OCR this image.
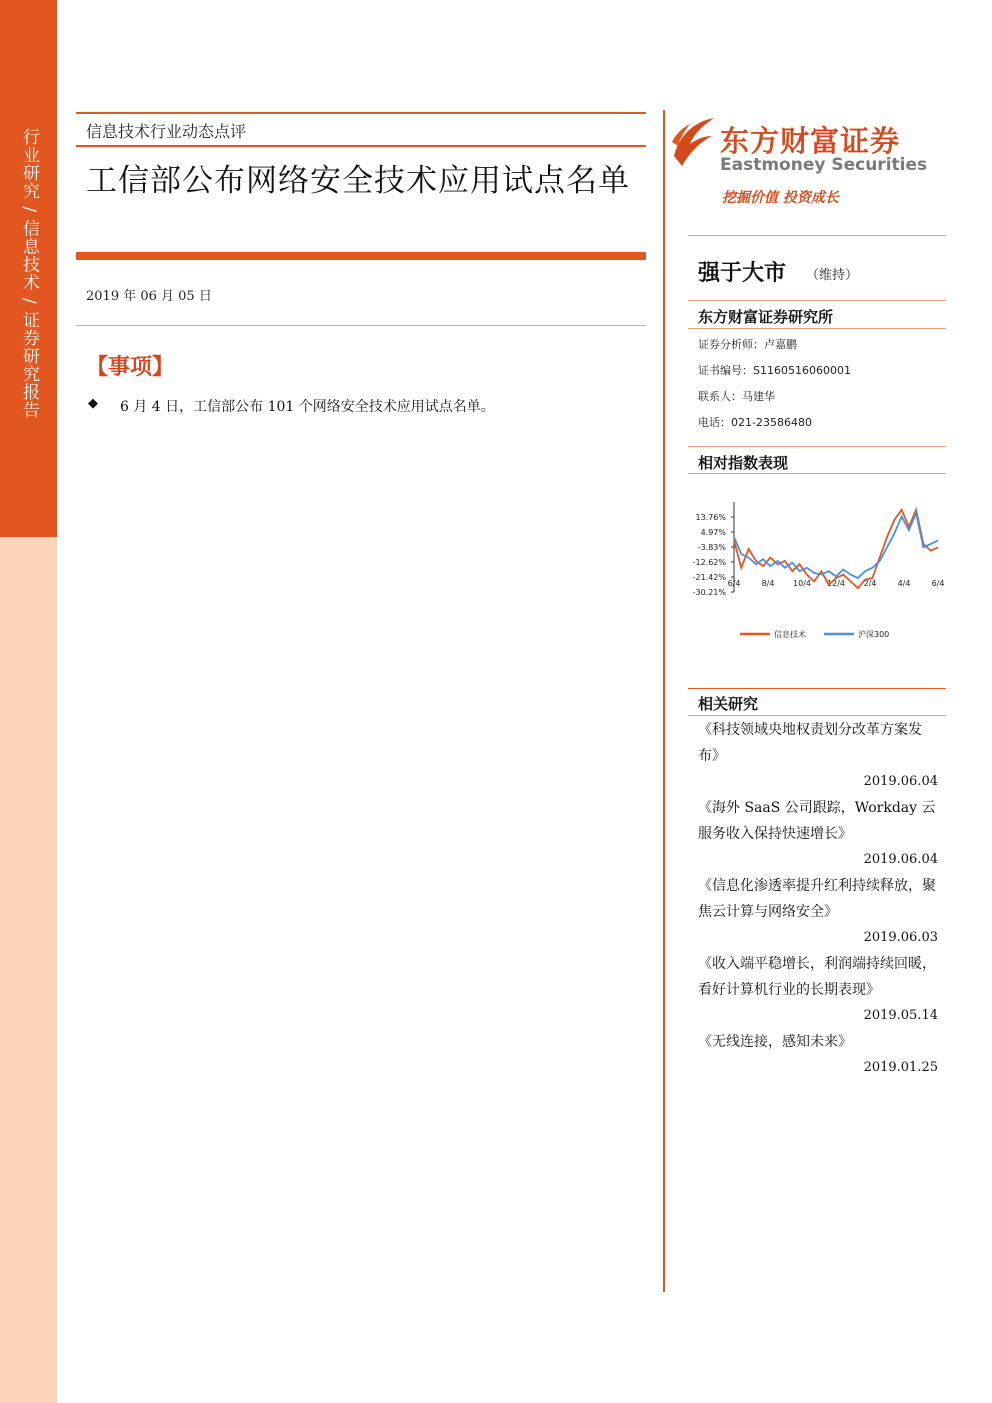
行业研究 / 信息技术 / 证券研究报告	信息技术行业动态点评
工信部公布网络安全技术应用试点名单
2019 年 06 月 05 日
【事项】
◆ 6 月 4 日，工信部公布 101 个网络安全技术应用试点名单。
东方财富证券
Eastmoney Securities
挖掘价值 投资成长
强于大市 （维持）
东方财富证券研究所
证券分析师：卢嘉鹏
证书编号：S1160516060001
联系人：马建华
电话：021-23586480
相对指数表现
13.76%
4.97%
-3.83%
-12.62%
-21.42%
-30.21%
6/4	8/4 10/4 12/4 2/4	4/4	6/4
信息技术	沪深300
相关研究
《科技领域央地权责划分改革方案发布》
2019.06.04
《海外 SaaS 公司跟踪，Workday 云服务收入保持快速增长》
2019.06.04
《信息化渗透率提升红利持续释放，聚焦云计算与网络安全》
2019.06.03
《收入端平稳增长，利润端持续回暖，看好计算机行业的长期表现》
2019.05.14
《无线连接，感知未来》
2019.01.25
